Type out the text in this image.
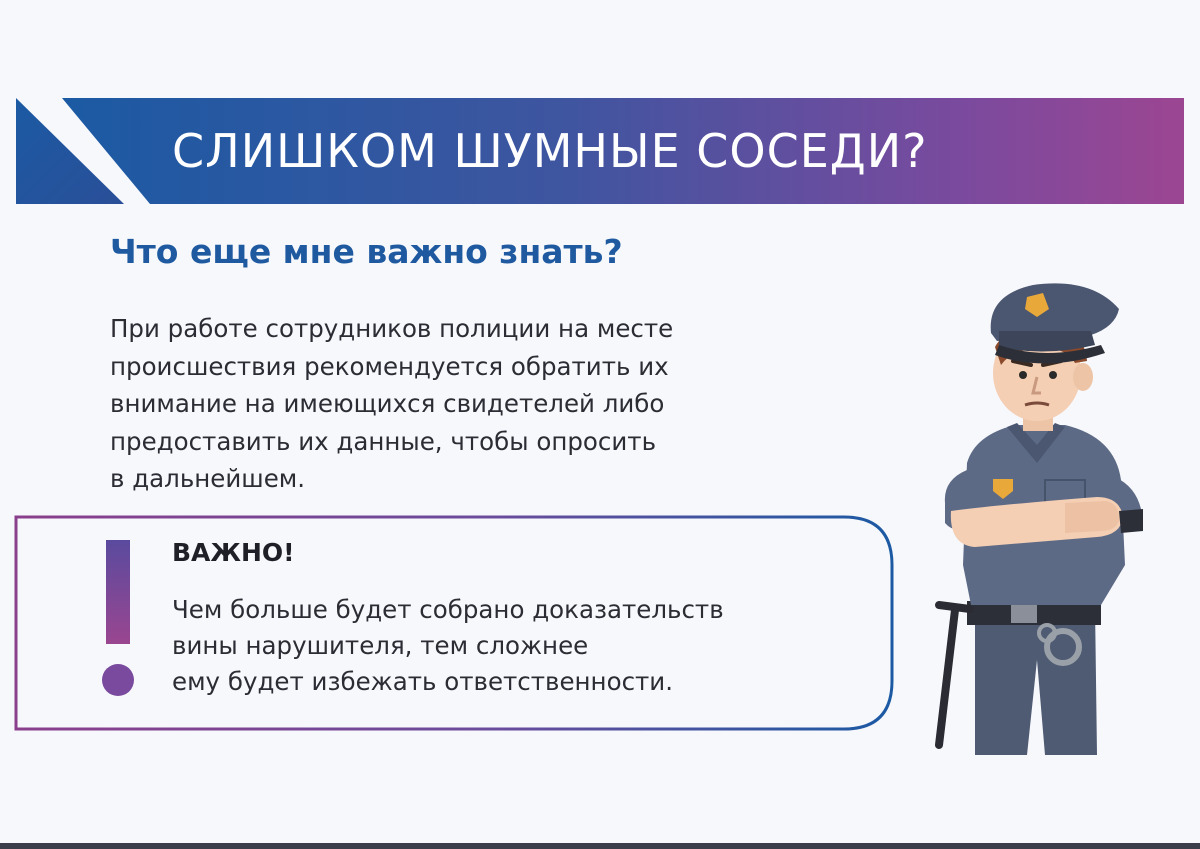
СЛИШКОМ ШУМНЫЕ СОСЕДИ?
Что еще мне важно знать?

При работе сотрудников полиции на месте
происшествия рекомендуется обратить их
внимание на имеющихся свидетелей либо
предоставить их данные, чтобы опросить
в дальнейшем.

ВАЖНО!
Чем больше будет собрано доказательств
вины нарушителя, тем сложнее
ему будет избежать ответственности.
